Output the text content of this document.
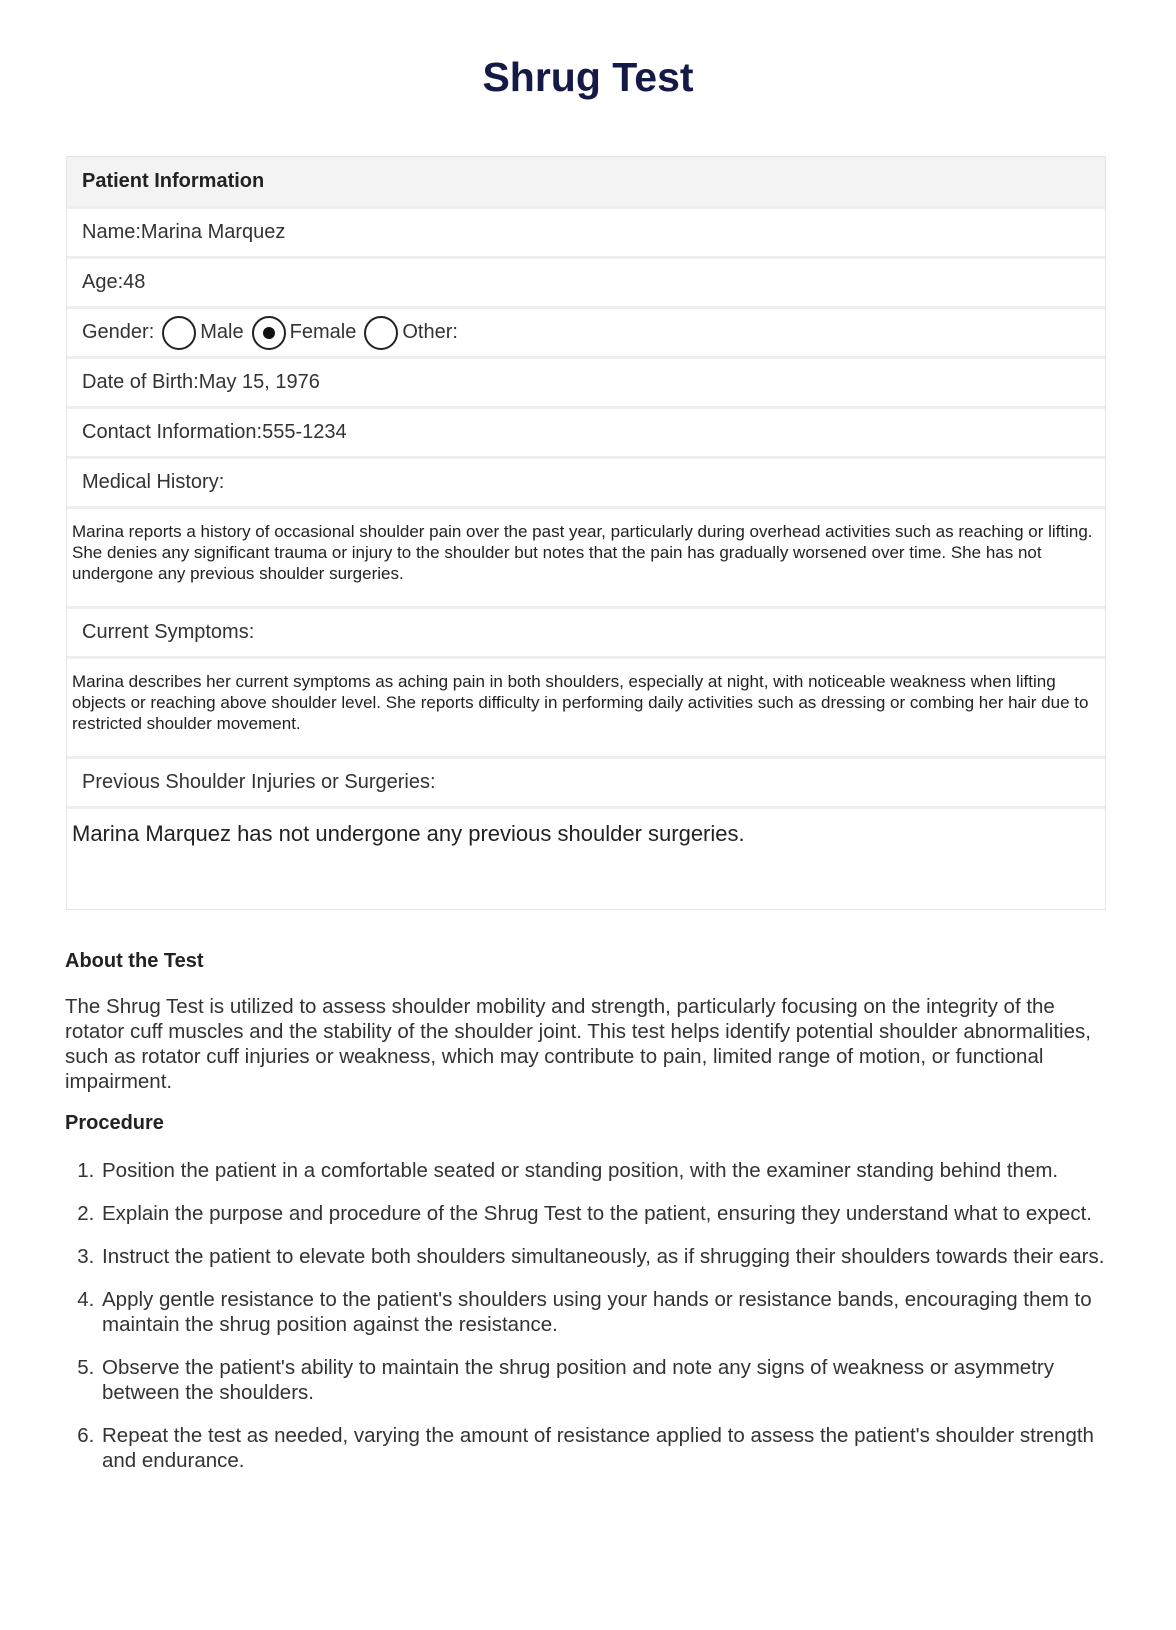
Shrug Test
Patient Information
Name: Marina Marquez
Age: 48
Gender: Male Female Other:
Date of Birth: May 15, 1976
Contact Information: 555-1234
Medical History:
Marina reports a history of occasional shoulder pain over the past year, particularly during overhead activities such as reaching or lifting. She denies any significant trauma or injury to the shoulder but notes that the pain has gradually worsened over time. She has not undergone any previous shoulder surgeries.
Current Symptoms:
Marina describes her current symptoms as aching pain in both shoulders, especially at night, with noticeable weakness when lifting objects or reaching above shoulder level. She reports difficulty in performing daily activities such as dressing or combing her hair due to restricted shoulder movement.
Previous Shoulder Injuries or Surgeries:
Marina Marquez has not undergone any previous shoulder surgeries.
About the Test

The Shrug Test is utilized to assess shoulder mobility and strength, particularly focusing on the integrity of the rotator cuff muscles and the stability of the shoulder joint. This test helps identify potential shoulder abnormalities, such as rotator cuff injuries or weakness, which may contribute to pain, limited range of motion, or functional impairment.

Procedure
1. Position the patient in a comfortable seated or standing position, with the examiner standing behind them.
2. Explain the purpose and procedure of the Shrug Test to the patient, ensuring they understand what to expect.
3. Instruct the patient to elevate both shoulders simultaneously, as if shrugging their shoulders towards their ears.
4. Apply gentle resistance to the patient's shoulders using your hands or resistance bands, encouraging them to maintain the shrug position against the resistance.
5. Observe the patient's ability to maintain the shrug position and note any signs of weakness or asymmetry between the shoulders.
6. Repeat the test as needed, varying the amount of resistance applied to assess the patient's shoulder strength and endurance.
